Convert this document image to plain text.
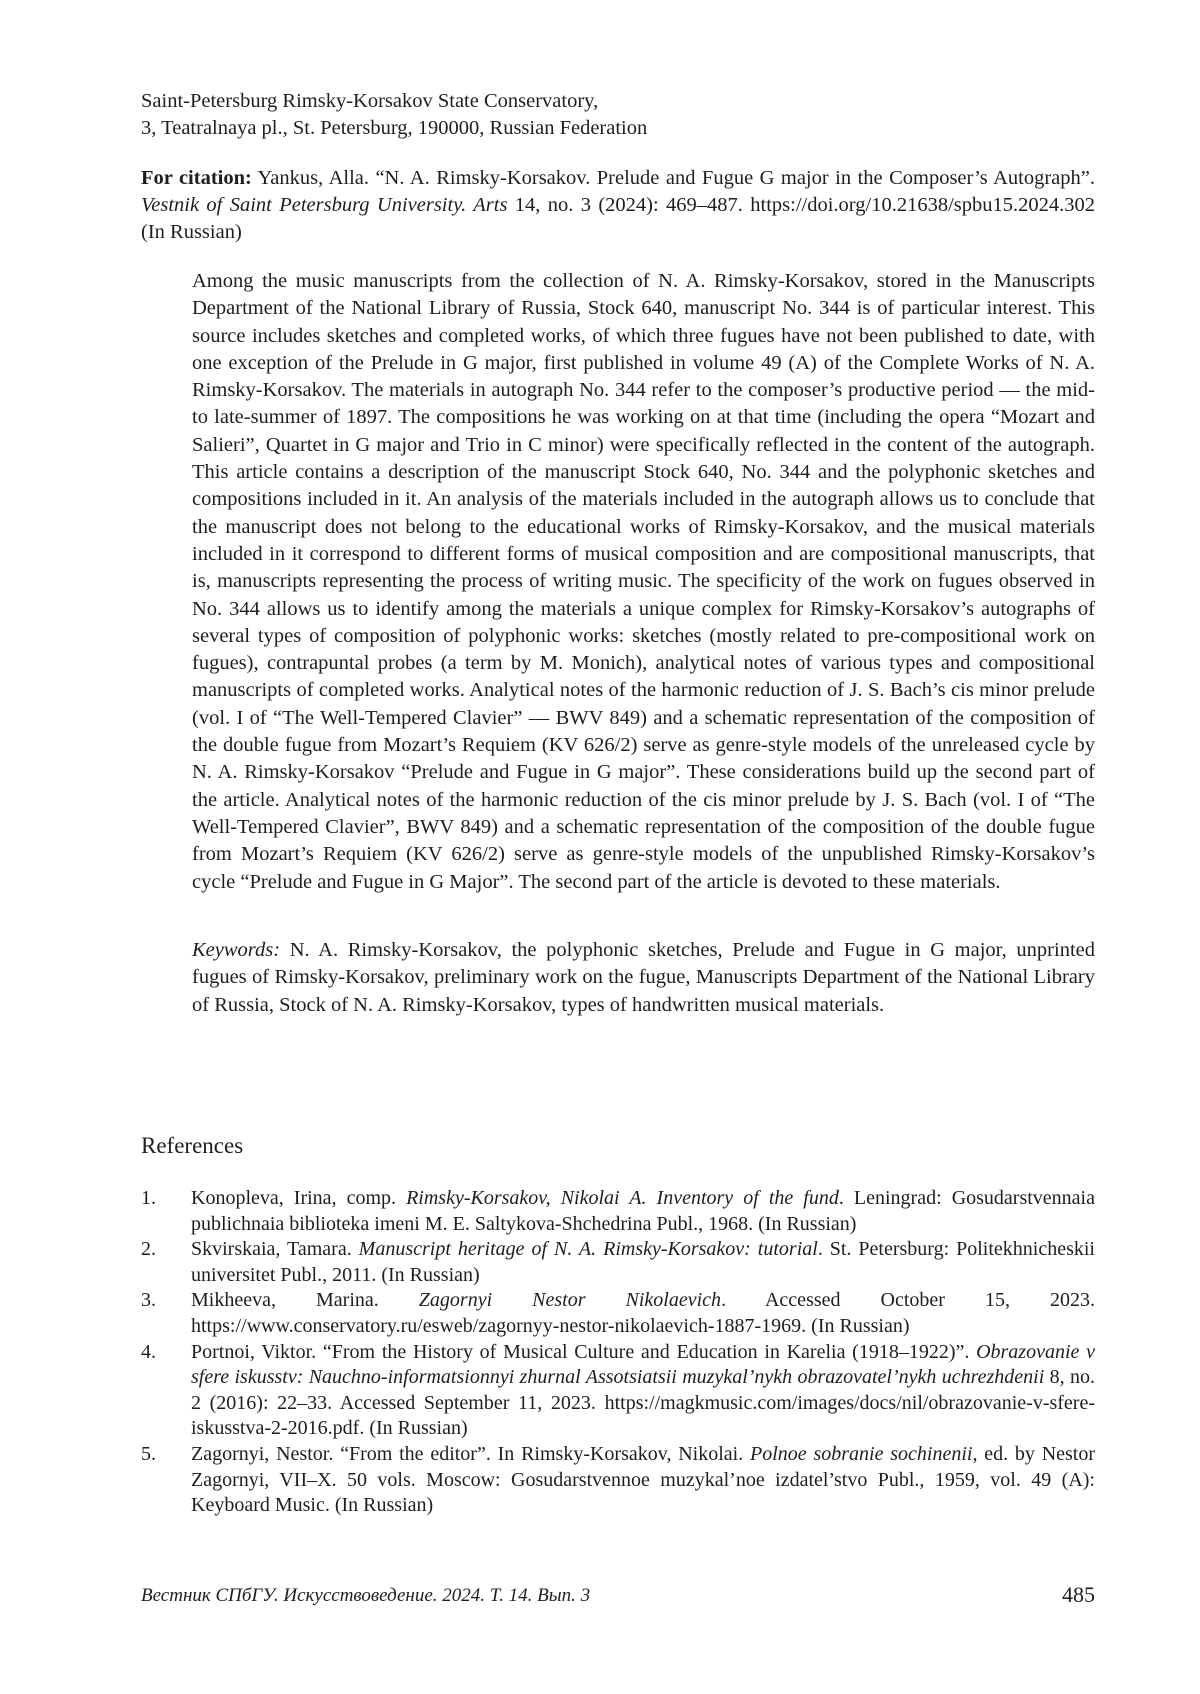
Saint-Petersburg Rimsky-Korsakov State Conservatory,
3, Teatralnaya pl., St. Petersburg, 190000, Russian Federation
For citation: Yankus, Alla. “N. A. Rimsky-Korsakov. Prelude and Fugue G major in the Composer’s Autograph”. Vestnik of Saint Petersburg University. Arts 14, no. 3 (2024): 469–487. https://doi.org/10.21638/spbu15.2024.302 (In Russian)

Among the music manuscripts from the collection of N. A. Rimsky-Korsakov, stored in the Manuscripts Department of the National Library of Russia, Stock 640, manuscript No. 344 is of particular interest. This source includes sketches and completed works, of which three fugues have not been published to date, with one exception of the Prelude in G major, first published in volume 49 (A) of the Complete Works of N. A. Rimsky-Korsakov. The materials in autograph No. 344 refer to the composer’s productive period — the mid-to late-summer of 1897. The compositions he was working on at that time (including the opera “Mozart and Salieri”, Quartet in G major and Trio in C minor) were specifically reflected in the content of the autograph. This article contains a description of the manuscript Stock 640, No. 344 and the polyphonic sketches and compositions included in it. An analysis of the materials included in the autograph allows us to conclude that the manuscript does not belong to the educational works of Rimsky-Korsakov, and the musical materials included in it correspond to different forms of musical composition and are compositional manuscripts, that is, manuscripts representing the process of writing music. The specificity of the work on fugues observed in No. 344 allows us to identify among the materials a unique complex for Rimsky-Korsakov’s autographs of several types of composition of polyphonic works: sketches (mostly related to pre-compositional work on fugues), contrapuntal probes (a term by M. Monich), analytical notes of various types and compositional manuscripts of completed works. Analytical notes of the harmonic reduction of J. S. Bach’s cis minor prelude (vol. I of “The Well-Tempered Clavier” — BWV 849) and a schematic representation of the composition of the double fugue from Mozart’s Requiem (KV 626/2) serve as genre-style models of the unreleased cycle by N. A. Rimsky-Korsakov “Prelude and Fugue in G major”. These considerations build up the second part of the article. Analytical notes of the harmonic reduction of the cis minor prelude by J. S. Bach (vol. I of “The Well-Tempered Clavier”, BWV 849) and a schematic representation of the composition of the double fugue from Mozart’s Requiem (KV 626/2) serve as genre-style models of the unpublished Rimsky-Korsakov’s cycle “Prelude and Fugue in G Major”. The second part of the article is devoted to these materials.

Keywords: N. A. Rimsky-Korsakov, the polyphonic sketches, Prelude and Fugue in G major, unprinted fugues of Rimsky-Korsakov, preliminary work on the fugue, Manuscripts Department of the National Library of Russia, Stock of N. A. Rimsky-Korsakov, types of handwritten musical materials.

References
1. Konopleva, Irina, comp. Rimsky-Korsakov, Nikolai A. Inventory of the fund. Leningrad: Gosudarstvennaia publichnaia biblioteka imeni M. E. Saltykova-Shchedrina Publ., 1968. (In Russian)
2. Skvirskaia, Tamara. Manuscript heritage of N. A. Rimsky-Korsakov: tutorial. St. Petersburg: Politekhnicheskii universitet Publ., 2011. (In Russian)
3. Mikheeva, Marina. Zagornyi Nestor Nikolaevich. Accessed October 15, 2023. https://www.conservatory.ru/esweb/zagornyy-nestor-nikolaevich-1887-1969. (In Russian)
4. Portnoi, Viktor. “From the History of Musical Culture and Education in Karelia (1918–1922)”. Obrazovanie v sfere iskusstv: Nauchno-informatsionnyi zhurnal Assotsiatsii muzykal’nykh obrazovatel’nykh uchrezhdenii 8, no. 2 (2016): 22–33. Accessed September 11, 2023. https://magkmusic.com/images/docs/nil/obrazovanie-v-sfere-iskusstva-2-2016.pdf. (In Russian)
5. Zagornyi, Nestor. “From the editor”. In Rimsky-Korsakov, Nikolai. Polnoe sobranie sochinenii, ed. by Nestor Zagornyi, VII–X. 50 vols. Moscow: Gosudarstvennoe muzykal’noe izdatel’stvo Publ., 1959, vol. 49 (A): Keyboard Music. (In Russian)
Вестник СПбГУ. Искусствоведение. 2024. Т. 14. Вып. 3	485
